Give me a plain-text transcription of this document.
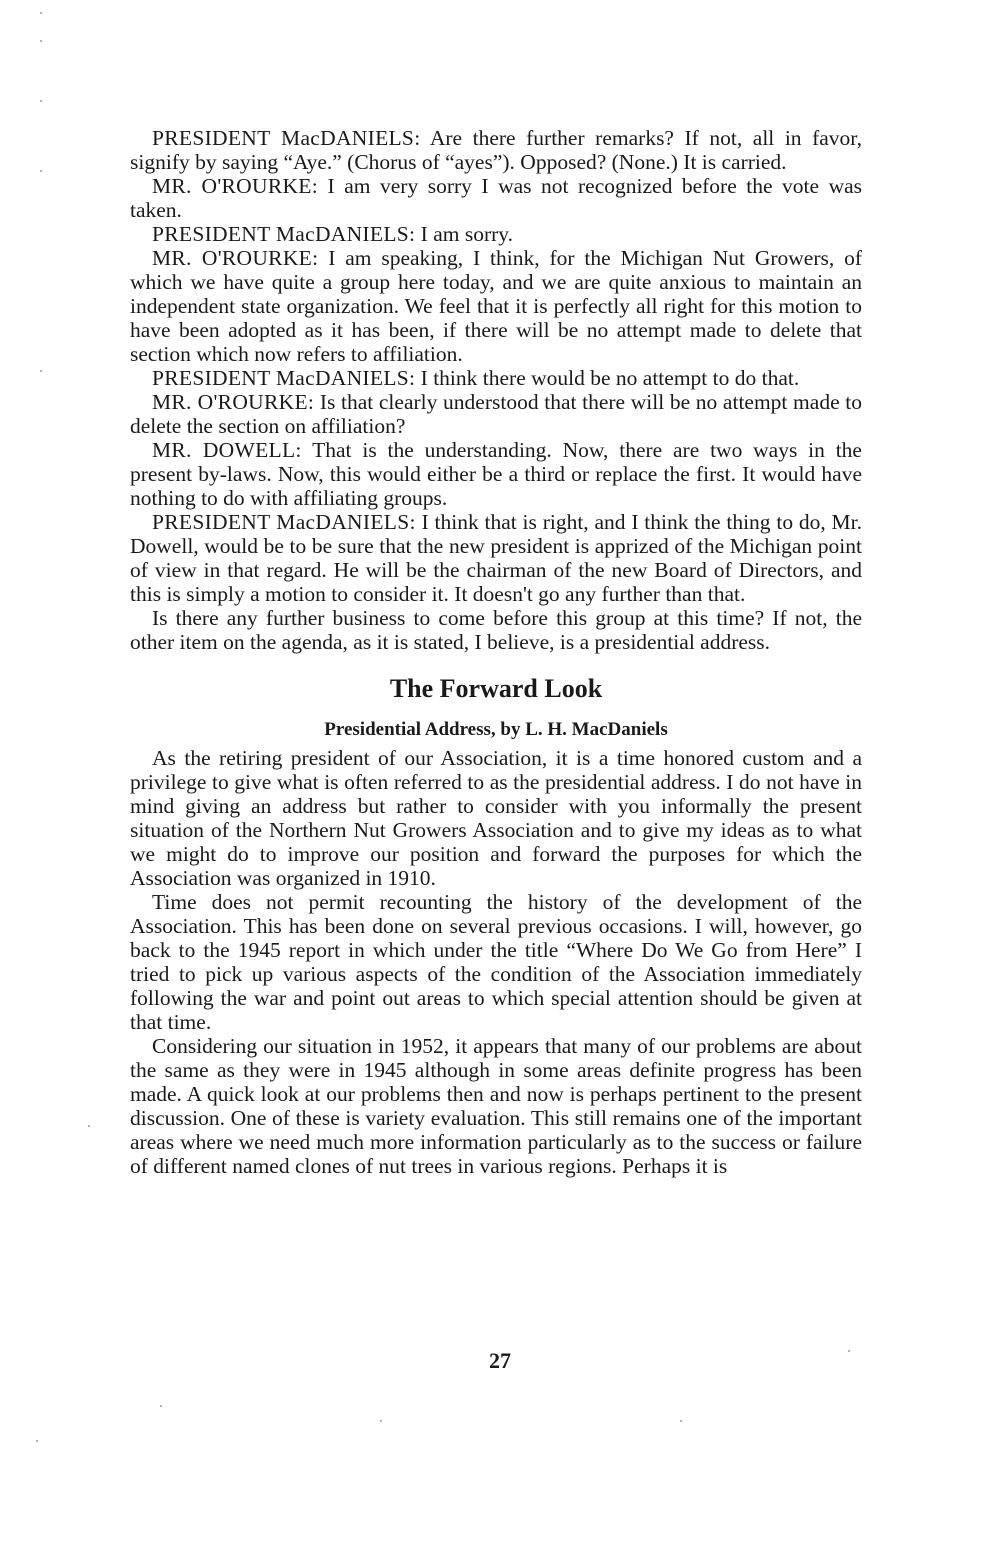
PRESIDENT MacDANIELS: Are there further remarks? If not, all in favor, signify by saying “Aye.” (Chorus of “ayes”). Opposed? (None.) It is carried.

MR. O'ROURKE: I am very sorry I was not recognized before the vote was taken.

PRESIDENT MacDANIELS: I am sorry.

MR. O'ROURKE: I am speaking, I think, for the Michigan Nut Growers, of which we have quite a group here today, and we are quite anxious to maintain an independent state organization. We feel that it is perfectly all right for this motion to have been adopted as it has been, if there will be no attempt made to delete that section which now refers to affiliation.

PRESIDENT MacDANIELS: I think there would be no attempt to do that.

MR. O'ROURKE: Is that clearly understood that there will be no attempt made to delete the section on affiliation?

MR. DOWELL: That is the understanding. Now, there are two ways in the present by-laws. Now, this would either be a third or replace the first. It would have nothing to do with affiliating groups.

PRESIDENT MacDANIELS: I think that is right, and I think the thing to do, Mr. Dowell, would be to be sure that the new president is apprized of the Michigan point of view in that regard. He will be the chairman of the new Board of Directors, and this is simply a motion to consider it. It doesn't go any further than that.

Is there any further business to come before this group at this time? If not, the other item on the agenda, as it is stated, I believe, is a presidential address.

The Forward Look
Presidential Address, by L. H. MacDaniels

As the retiring president of our Association, it is a time honored custom and a privilege to give what is often referred to as the presidential address. I do not have in mind giving an address but rather to consider with you informally the present situation of the Northern Nut Growers Association and to give my ideas as to what we might do to improve our position and forward the purposes for which the Association was organized in 1910.

Time does not permit recounting the history of the development of the Association. This has been done on several previous occasions. I will, however, go back to the 1945 report in which under the title “Where Do We Go from Here” I tried to pick up various aspects of the condition of the Association immediately following the war and point out areas to which special attention should be given at that time.

Considering our situation in 1952, it appears that many of our problems are about the same as they were in 1945 although in some areas definite progress has been made. A quick look at our problems then and now is perhaps pertinent to the present discussion. One of these is variety evaluation. This still remains one of the important areas where we need much more information particularly as to the success or failure of different named clones of nut trees in various regions. Perhaps it is

27
